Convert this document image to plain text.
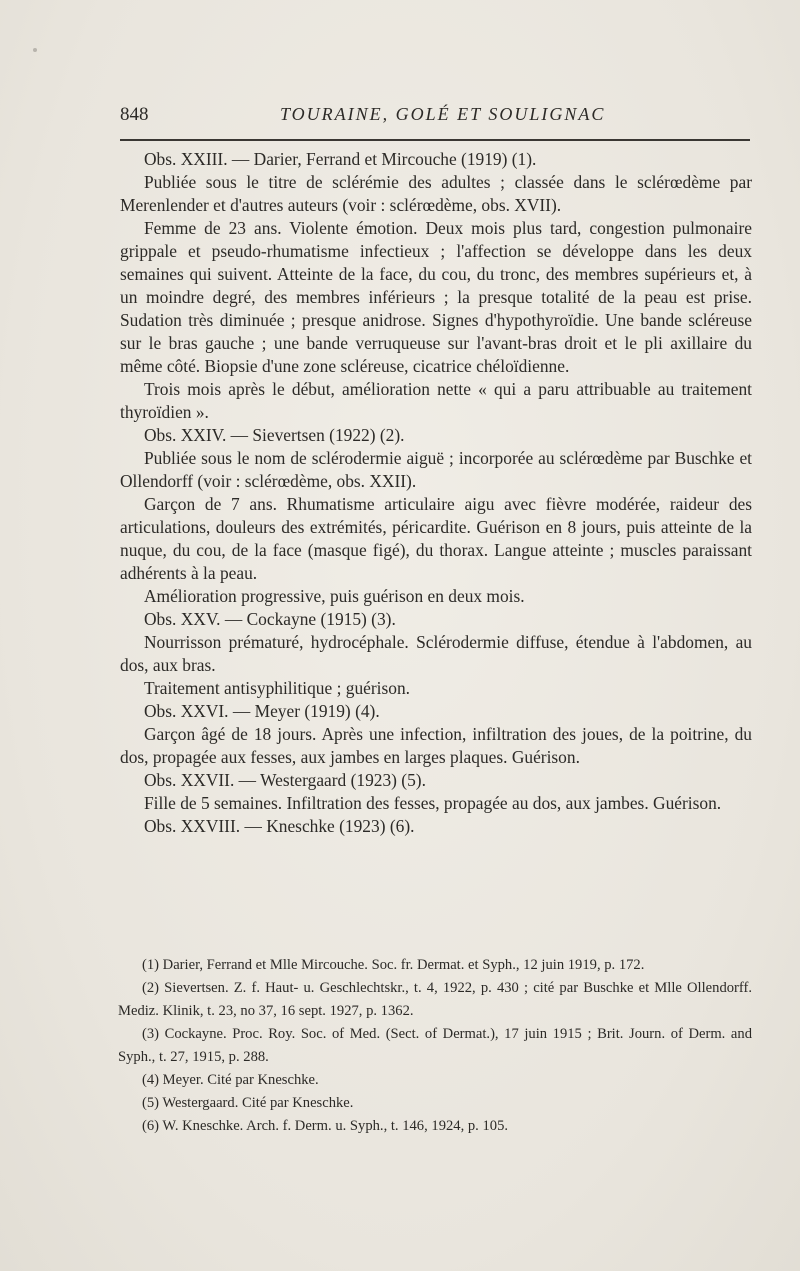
848	TOURAINE, GOLÉ ET SOULIGNAC

Obs. XXIII. — Darier, Ferrand et Mircouche (1919) (1).

Publiée sous le titre de sclérémie des adultes ; classée dans le sclérœdème par Merenlender et d'autres auteurs (voir : sclérœdème, obs. XVII).

Femme de 23 ans. Violente émotion. Deux mois plus tard, congestion pulmonaire grippale et pseudo-rhumatisme infectieux ; l'affection se développe dans les deux semaines qui suivent. Atteinte de la face, du cou, du tronc, des membres supérieurs et, à un moindre degré, des membres inférieurs ; la presque totalité de la peau est prise. Sudation très diminuée ; presque anidrose. Signes d'hypothyroïdie. Une bande scléreuse sur le bras gauche ; une bande verruqueuse sur l'avant-bras droit et le pli axillaire du même côté. Biopsie d'une zone scléreuse, cicatrice chéloïdienne.

Trois mois après le début, amélioration nette « qui a paru attribuable au traitement thyroïdien ».

Obs. XXIV. — Sievertsen (1922) (2).

Publiée sous le nom de sclérodermie aiguë ; incorporée au sclérœdème par Buschke et Ollendorff (voir : sclérœdème, obs. XXII).

Garçon de 7 ans. Rhumatisme articulaire aigu avec fièvre modérée, raideur des articulations, douleurs des extrémités, péricardite. Guérison en 8 jours, puis atteinte de la nuque, du cou, de la face (masque figé), du thorax. Langue atteinte ; muscles paraissant adhérents à la peau.

Amélioration progressive, puis guérison en deux mois.

Obs. XXV. — Cockayne (1915) (3).

Nourrisson prématuré, hydrocéphale. Sclérodermie diffuse, étendue à l'abdomen, au dos, aux bras.

Traitement antisyphilitique ; guérison.

Obs. XXVI. — Meyer (1919) (4).

Garçon âgé de 18 jours. Après une infection, infiltration des joues, de la poitrine, du dos, propagée aux fesses, aux jambes en larges plaques. Guérison.

Obs. XXVII. — Westergaard (1923) (5).

Fille de 5 semaines. Infiltration des fesses, propagée au dos, aux jambes. Guérison.

Obs. XXVIII. — Kneschke (1923) (6).

(1) Darier, Ferrand et Mlle Mircouche. Soc. fr. Dermat. et Syph., 12 juin 1919, p. 172.

(2) Sievertsen. Z. f. Haut- u. Geschlechtskr., t. 4, 1922, p. 430 ; cité par Buschke et Mlle Ollendorff. Mediz. Klinik, t. 23, no 37, 16 sept. 1927, p. 1362.

(3) Cockayne. Proc. Roy. Soc. of Med. (Sect. of Dermat.), 17 juin 1915 ; Brit. Journ. of Derm. and Syph., t. 27, 1915, p. 288.

(4) Meyer. Cité par Kneschke.

(5) Westergaard. Cité par Kneschke.

(6) W. Kneschke. Arch. f. Derm. u. Syph., t. 146, 1924, p. 105.
